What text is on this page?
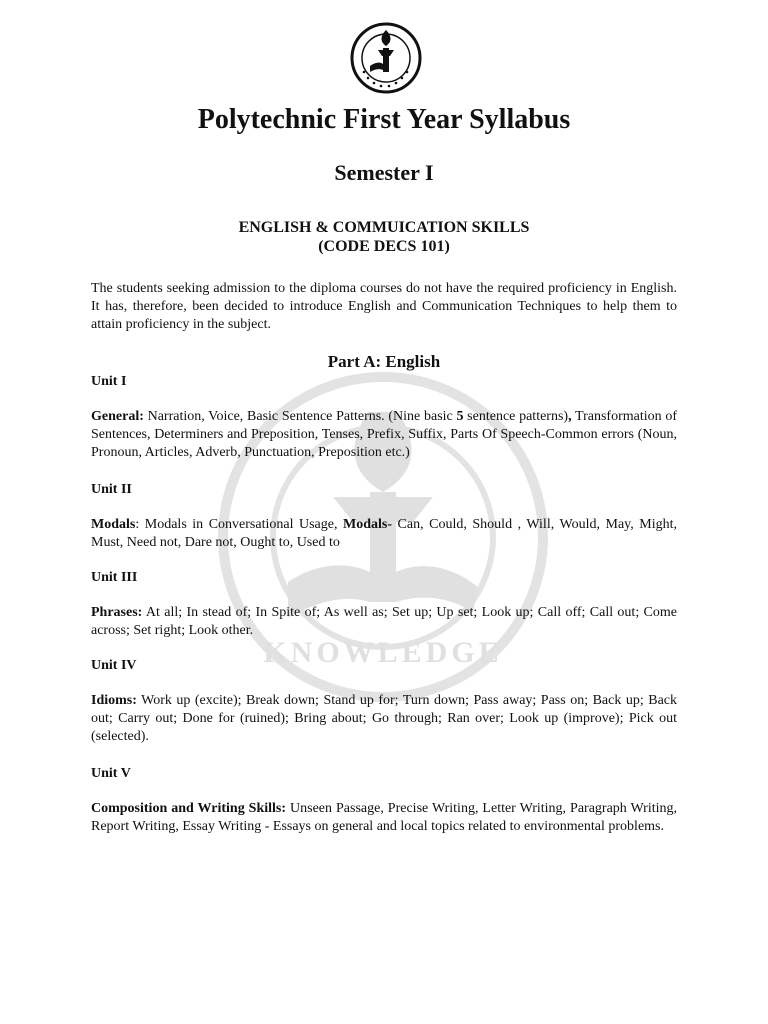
KNOWLEDGE
Polytechnic First Year Syllabus
Semester I
ENGLISH & COMMUICATION SKILLS
(CODE DECS 101)

The students seeking admission to the diploma courses do not have the required proficiency in English. It has, therefore, been decided to introduce English and Communication Techniques to help them to attain proficiency in the subject.

Part A: English

Unit I

General: Narration, Voice, Basic Sentence Patterns. (Nine basic 5 sentence patterns), Transformation of Sentences, Determiners and Preposition, Tenses, Prefix, Suffix, Parts Of Speech-Common errors (Noun, Pronoun, Articles, Adverb, Punctuation, Preposition etc.)

Unit II

Modals: Modals in Conversational Usage, Modals- Can, Could, Should , Will, Would, May, Might, Must, Need not, Dare not, Ought to, Used to

Unit III

Phrases: At all; In stead of; In Spite of; As well as; Set up; Up set; Look up; Call off; Call out; Come across; Set right; Look other.

Unit IV

Idioms: Work up (excite); Break down; Stand up for; Turn down; Pass away; Pass on; Back up; Back out; Carry out; Done for (ruined); Bring about; Go through; Ran over; Look up (improve); Pick out (selected).

Unit V

Composition and Writing Skills: Unseen Passage, Precise Writing, Letter Writing, Paragraph Writing, Report Writing, Essay Writing - Essays on general and local topics related to environmental problems.
